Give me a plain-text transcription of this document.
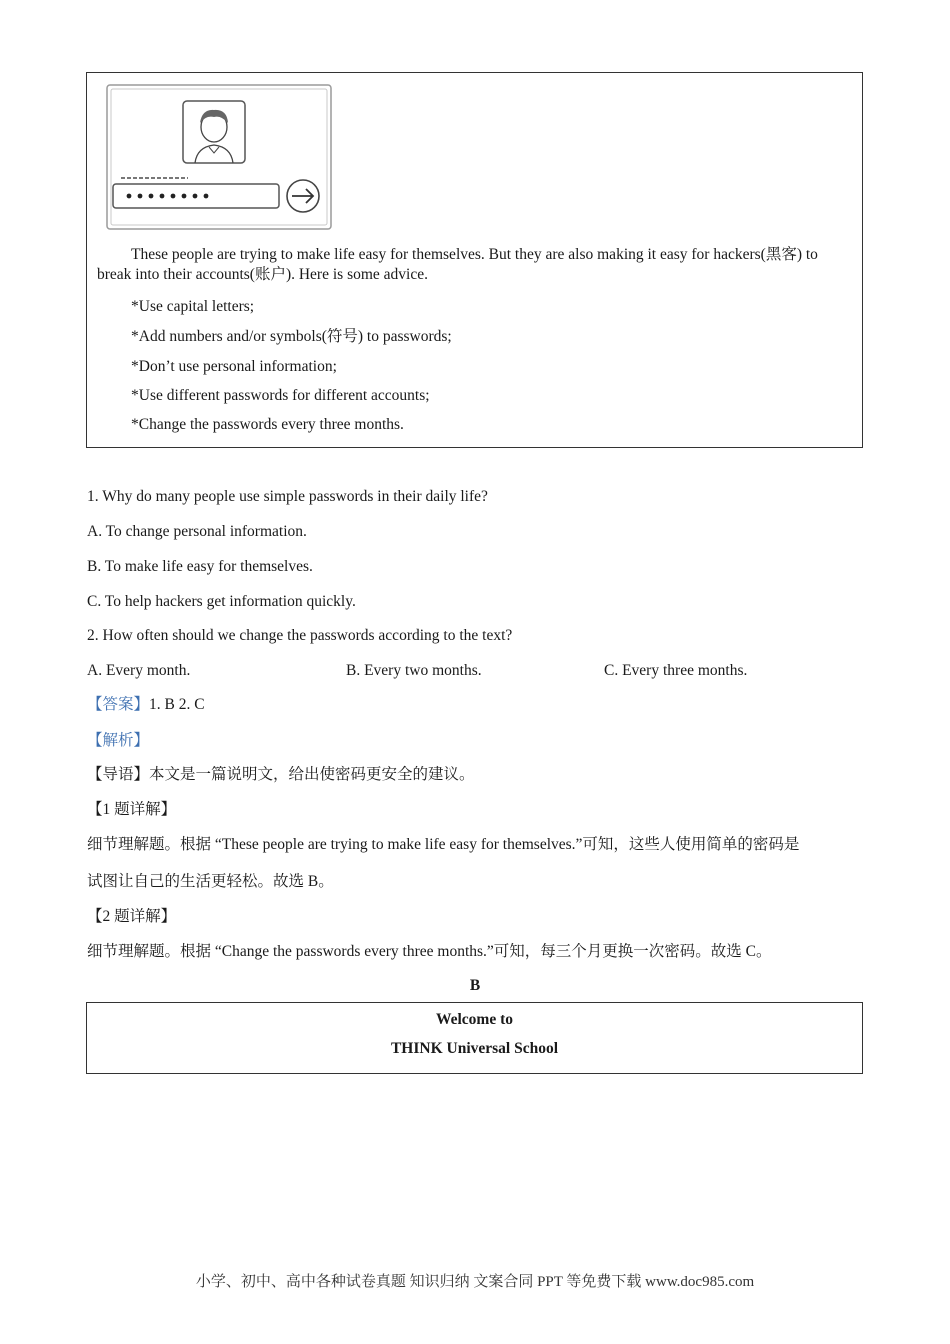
These people are trying to make life easy for themselves. But they are also making it easy for hackers(黑客) to break into their accounts(账户). Here is some advice.
*Use capital letters;
*Add numbers and/or symbols(符号) to passwords;
*Don’t use personal information;
*Use different passwords for different accounts;
*Change the passwords every three months.
1. Why do many people use simple passwords in their daily life?
A. To change personal information.
B. To make life easy for themselves.
C. To help hackers get information quickly.
2. How often should we change the passwords according to the text?
A. Every month.	B. Every two months.	C. Every three months.
【答案】1. B 2. C
【解析】
【导语】本文是一篇说明文，给出使密码更安全的建议。
【1 题详解】
细节理解题。根据 “These people are trying to make life easy for themselves.”可知，这些人使用简单的密码是
试图让自己的生活更轻松。故选 B。
【2 题详解】
细节理解题。根据 “Change the passwords every three months.”可知，每三个月更换一次密码。故选 C。
B
Welcome to
THINK Universal School
小学、初中、高中各种试卷真题 知识归纳 文案合同 PPT 等免费下载 www.doc985.com
